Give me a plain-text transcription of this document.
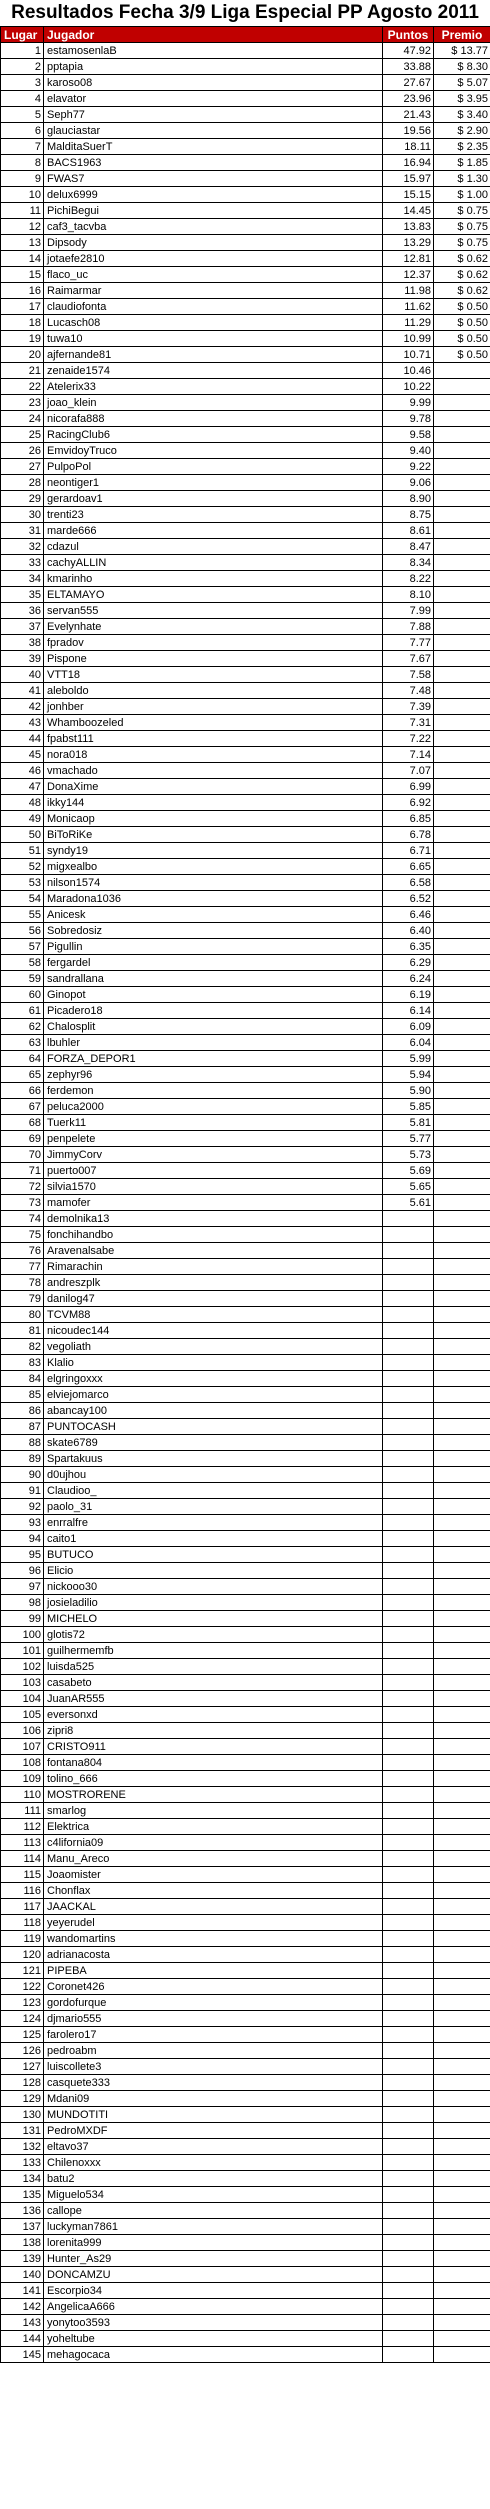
Resultados Fecha 3/9 Liga Especial PP Agosto 2011
Lugar	Jugador	Puntos	Premio
1	estamosenlaB	47.92	$ 13.77
2	pptapia	33.88	$ 8.30
3	karoso08	27.67	$ 5.07
4	elavator	23.96	$ 3.95
5	Seph77	21.43	$ 3.40
6	glauciastar	19.56	$ 2.90
7	MalditaSuerT	18.11	$ 2.35
8	BACS1963	16.94	$ 1.85
9	FWAS7	15.97	$ 1.30
10	delux6999	15.15	$ 1.00
11	PichiBegui	14.45	$ 0.75
12	caf3_tacvba	13.83	$ 0.75
13	Dipsody	13.29	$ 0.75
14	jotaefe2810	12.81	$ 0.62
15	flaco_uc	12.37	$ 0.62
16	Raimarmar	11.98	$ 0.62
17	claudiofonta	11.62	$ 0.50
18	Lucasch08	11.29	$ 0.50
19	tuwa10	10.99	$ 0.50
20	ajfernande81	10.71	$ 0.50
21	zenaide1574	10.46	
22	Atelerix33	10.22	
23	joao_klein	9.99	
24	nicorafa888	9.78	
25	RacingClub6	9.58	
26	EmvidoyTruco	9.40	
27	PulpoPol	9.22	
28	neontiger1	9.06	
29	gerardoav1	8.90	
30	trenti23	8.75	
31	marde666	8.61	
32	cdazul	8.47	
33	cachyALLIN	8.34	
34	kmarinho	8.22	
35	ELTAMAYO	8.10	
36	servan555	7.99	
37	Evelynhate	7.88	
38	fpradov	7.77	
39	Pispone	7.67	
40	VTT18	7.58	
41	aleboldo	7.48	
42	jonhber	7.39	
43	Whamboozeled	7.31	
44	fpabst111	7.22	
45	nora018	7.14	
46	vmachado	7.07	
47	DonaXime	6.99	
48	ikky144	6.92	
49	Monicaop	6.85	
50	BiToRiKe	6.78	
51	syndy19	6.71	
52	migxealbo	6.65	
53	nilson1574	6.58	
54	Maradona1036	6.52	
55	Anicesk	6.46	
56	Sobredosiz	6.40	
57	Pigullin	6.35	
58	fergardel	6.29	
59	sandrallana	6.24	
60	Ginopot	6.19	
61	Picadero18	6.14	
62	Chalosplit	6.09	
63	lbuhler	6.04	
64	FORZA_DEPOR1	5.99	
65	zephyr96	5.94	
66	ferdemon	5.90	
67	peluca2000	5.85	
68	Tuerk11	5.81	
69	penpelete	5.77	
70	JimmyCorv	5.73	
71	puerto007	5.69	
72	silvia1570	5.65	
73	mamofer	5.61	
74	demolnika13		
75	fonchihandbo		
76	Aravenalsabe		
77	Rimarachin		
78	andreszplk		
79	danilog47		
80	TCVM88		
81	nicoudec144		
82	vegoliath		
83	Klalio		
84	elgringoxxx		
85	elviejomarco		
86	abancay100		
87	PUNTOCASH		
88	skate6789		
89	Spartakuus		
90	d0ujhou		
91	Claudioo_		
92	paolo_31		
93	enrralfre		
94	caito1		
95	BUTUCO		
96	Elicio		
97	nickooo30		
98	josieladilio		
99	MICHELO		
100	glotis72		
101	guilhermemfb		
102	luisda525		
103	casabeto		
104	JuanAR555		
105	eversonxd		
106	zipri8		
107	CRISTO911		
108	fontana804		
109	tolino_666		
110	MOSTRORENE		
111	smarlog		
112	Elektrica		
113	c4lifornia09		
114	Manu_Areco		
115	Joaomister		
116	Chonflax		
117	JAACKAL		
118	yeyerudel		
119	wandomartins		
120	adrianacosta		
121	PIPEBA		
122	Coronet426		
123	gordofurque		
124	djmario555		
125	farolero17		
126	pedroabm		
127	luiscollete3		
128	casquete333		
129	Mdani09		
130	MUNDOTITI		
131	PedroMXDF		
132	eltavo37		
133	Chilenoxxx		
134	batu2		
135	Miguelo534		
136	callope		
137	luckyman7861		
138	lorenita999		
139	Hunter_As29		
140	DONCAMZU		
141	Escorpio34		
142	AngelicaA666		
143	yonytoo3593		
144	yoheltube		
145	mehagocaca		
